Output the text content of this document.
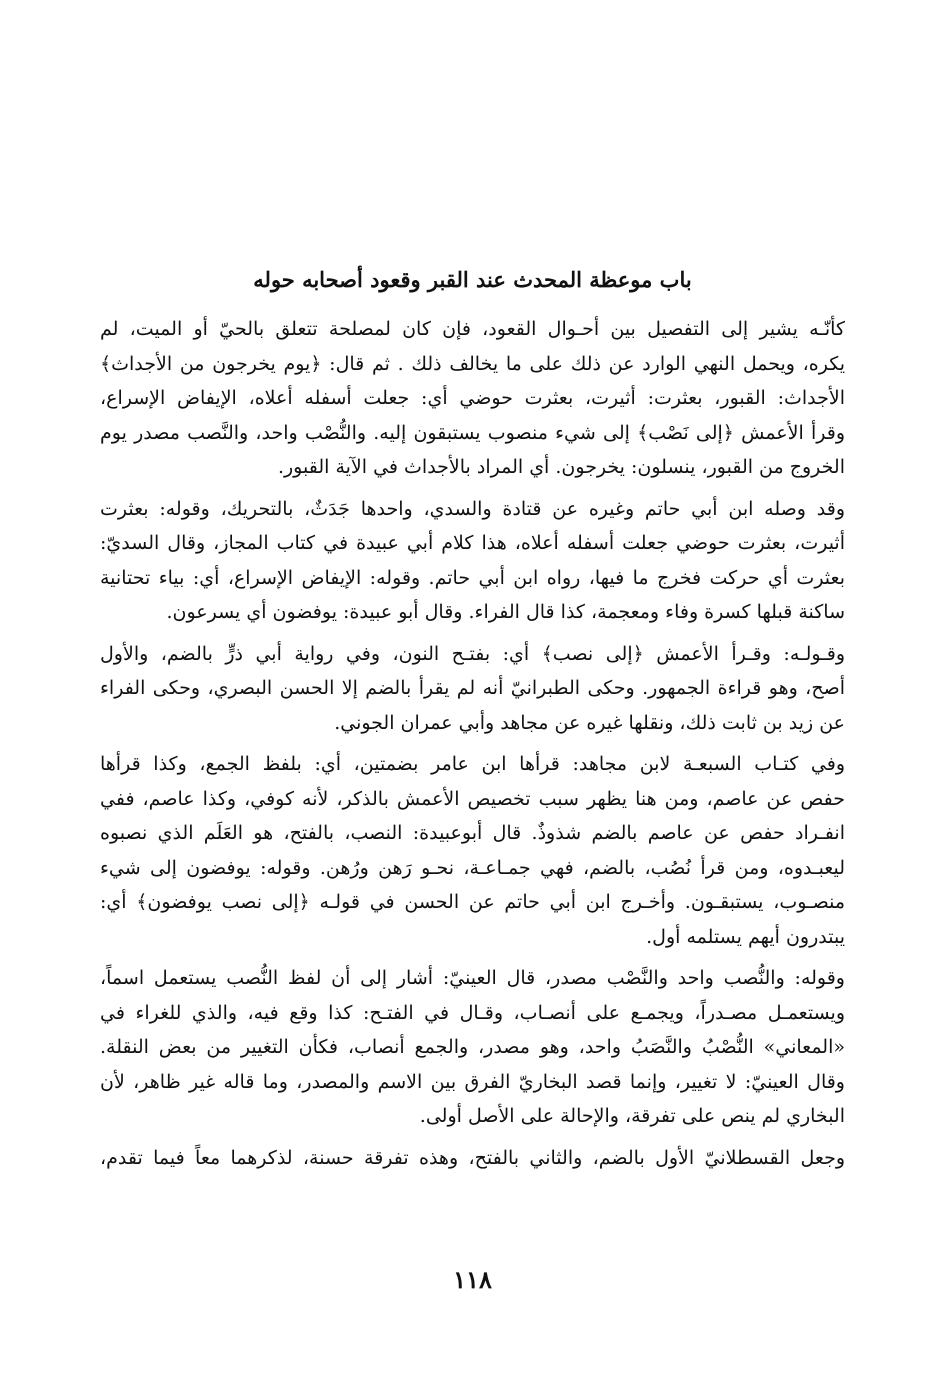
باب موعظة المحدث عند القبر وقعود أصحابه حوله

كأنّـه يشير إلى التفصيل بين أحـوال القعود، فإن كان لمصلحة تتعلق بالحيّ أو الميت، لم
يكره، ويحمل النهي الوارد عن ذلك على ما يخالف ذلك . ثم قال: ﴿يوم يخرجون من الأجداث﴾
الأجداث: القبور، بعثرت: أثيرت، بعثرت حوضي أي: جعلت أسفله أعلاه، الإيفاض الإسراع،
وقرأ الأعمش ﴿إلى نَصْب﴾ إلى شيء منصوب يستبقون إليه. والنُّصْب واحد، والنَّصب مصدر يوم
الخروج من القبور، ينسلون: يخرجون. أي المراد بالأجداث في الآية القبور.

وقد وصله ابن أبي حاتم وغيره عن قتادة والسدي، واحدها جَدَثٌ، بالتحريك، وقوله: بعثرت
أثيرت، بعثرت حوضي جعلت أسفله أعلاه، هذا كلام أبي عبيدة في كتاب المجاز، وقال السديّ:
بعثرت أي حركت فخرج ما فيها، رواه ابن أبي حاتم. وقوله: الإيفاض الإسراع، أي: بياء تحتانية
ساكنة قبلها كسرة وفاء ومعجمة، كذا قال الفراء. وقال أبو عبيدة: يوفضون أي يسرعون.

وقـولـه: وقـرأ الأعمش ﴿إلى نصب﴾ أي: بفتـح النون، وفي رواية أبي ذرٍّ بالضم، والأول
أصح، وهو قراءة الجمهور. وحكى الطبرانيّ أنه لم يقرأ بالضم إلا الحسن البصري، وحكى الفراء
عن زيد بن ثابت ذلك، ونقلها غيره عن مجاهد وأبي عمران الجوني.

وفي كتـاب السبعـة لابن مجاهد: قرأها ابن عامر بضمتين، أي: بلفظ الجمع، وكذا قرأها
حفص عن عاصم، ومن هنا يظهر سبب تخصيص الأعمش بالذكر، لأنه كوفي، وكذا عاصم، ففي
انفـراد حفص عن عاصم بالضم شذوذٌ. قال أبوعبيدة: النصب، بالفتح، هو العَلَم الذي نصبوه
ليعبـدوه، ومن قرأ نُصُب، بالضم، فهي جمـاعـة، نحـو رَهن ورُهن. وقوله: يوفضون إلى شيء
منصـوب، يستبقـون. وأخـرج ابن أبي حاتم عن الحسن في قولـه ﴿إلى نصب يوفضون﴾ أي:
يبتدرون أيهم يستلمه أول.

وقوله: والنُّصب واحد والنَّصْب مصدر، قال العينيّ: أشار إلى أن لفظ النُّصب يستعمل اسماً،
ويستعمـل مصـدراً، ويجمـع على أنصـاب، وقـال في الفتـح: كذا وقع فيه، والذي للغراء في
«المعاني» النُّصْبُ والنَّصَبُ واحد، وهو مصدر، والجمع أنصاب، فكأن التغيير من بعض النقلة.
وقال العينيّ: لا تغيير، وإنما قصد البخاريّ الفرق بين الاسم والمصدر، وما قاله غير ظاهر، لأن
البخاري لم ينص على تفرقة، والإحالة على الأصل أولى.

وجعل القسطلانيّ الأول بالضم، والثاني بالفتح، وهذه تفرقة حسنة، لذكرهما معاً فيما تقدم،

١١٨
